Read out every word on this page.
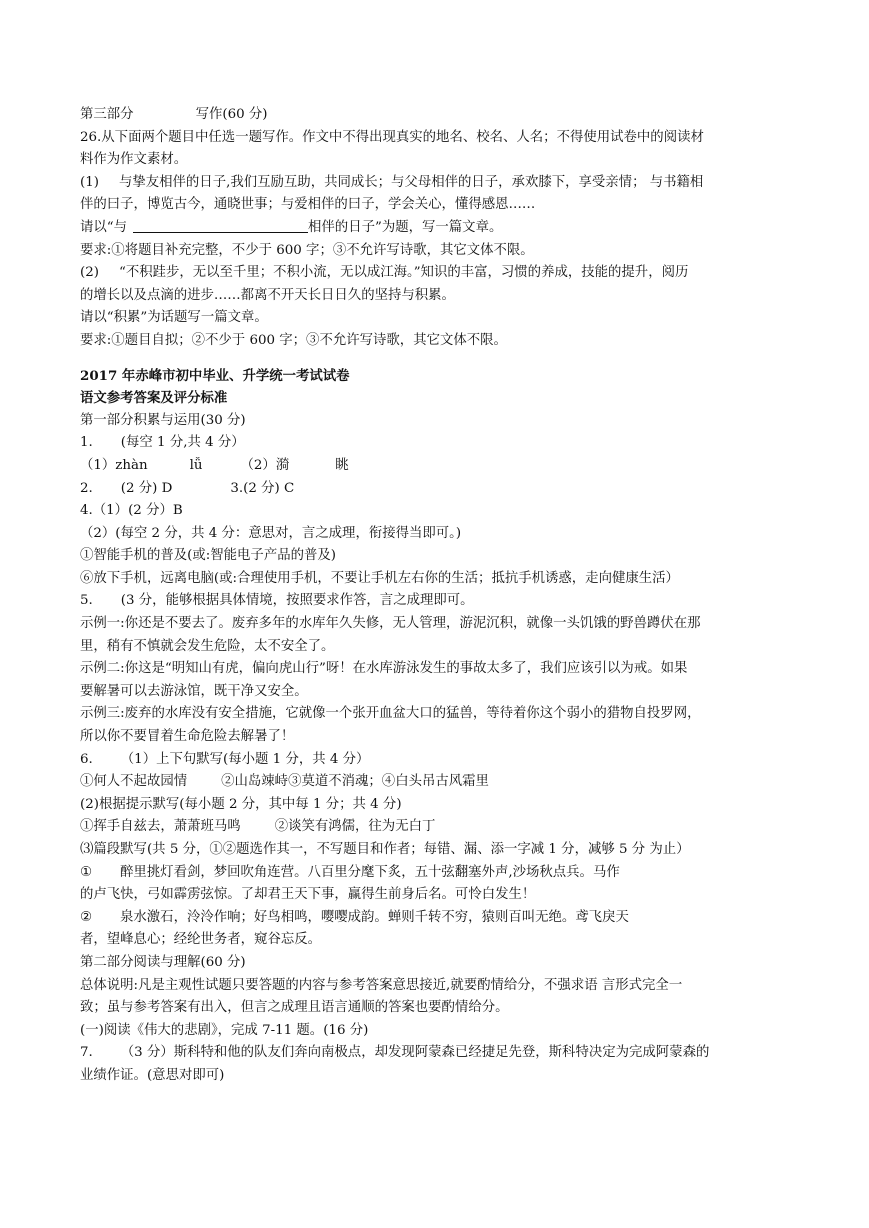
第三部分	写作(60 分)
26.从下面两个题目中任选一题写作。作文中不得出现真实的地名、校名、人名；不得使用试卷中的阅读材
料作为作文素材。
(1) 与挚友相伴的日子,我们互励互助，共同成长；与父母相伴的日子，承欢膝下，享受亲情； 与书籍相
伴的曰子，博览古今，通晓世事；与爱相伴的曰子，学会关心，懂得感恩……
请以“与	相伴的日子”为题，写一篇文章。
要求:①将题目补充完整，不少于 600 字；③不允许写诗歌，其它文体不限。
(2) “不积跬步，无以至千里；不积小流，无以成江海。”知识的丰富，习惯的养成，技能的提升，阅历
的增长以及点滴的进步……都离不开天长日日久的坚持与积累。
请以“积累”为话题写一篇文章。
要求:①题目自拟；②不少于 600 字；③不允许写诗歌，其它文体不限。
2017 年赤峰市初中毕业、升学统一考试试卷
语文参考答案及评分标准
第一部分积累与运用(30 分)
1. (每空 1 分,共 4 分）
（1）zhàn	lǚ	（2）漪	眺
2. (2 分) D	3.(2 分) C
4.（1）(2 分）B
（2）(每空 2 分，共 4 分：意思对，言之成理，衔接得当即可。)
①智能手机的普及(或:智能电子产品的普及)
⑥放下手机，远离电脑(或:合理使用手机，不要让手机左右你的生活；抵抗手机诱惑，走向健康生活）
5. (3 分，能够根据具体情境，按照要求作答，言之成理即可。
示例一:你还是不要去了。废弃多年的水库年久失修，无人管理，游泥沉积，就像一头饥饿的野兽蹲伏在那
里，稍有不慎就会发生危险，太不安全了。
示例二:你这是“明知山有虎，偏向虎山行”呀！在水库游泳发生的事故太多了，我们应该引以为戒。如果
要解暑可以去游泳馆，既干净又安全。
示例三:废弃的水库没有安全措施，它就像一个张开血盆大口的猛兽，等待着你这个弱小的猎物自投罗网，
所以你不要冒着生命危险去解暑了！
6. （1）上下句默写(每小题 1 分，共 4 分）
①何人不起故园情	②山岛竦峙③莫道不消魂；④白头吊古风霜里
(2)根据提示默写(每小题 2 分，其中每 1 分；共 4 分)
①挥手自兹去，萧萧班马鸣	②谈笑有鸿儒，往为无白丁
⑶篇段默写(共 5 分，①②题选作其一，不写题目和作者；每错、漏、添一字减 1 分，减够 5 分 为止）
① 醉里挑灯看剑，梦回吹角连营。八百里分麾下炙，五十弦翻塞外声,沙场秋点兵。马作
的卢飞快，弓如霹雳弦惊。了却君王天下事，赢得生前身后名。可怜白发生！
② 泉水激石，泠泠作响；好鸟相鸣，嘤嘤成韵。蝉则千转不穷，猿则百叫无绝。鸢飞戾天
者，望峰息心；经纶世务者，窥谷忘反。
第二部分阅读与理解(60 分)
总体说明:凡是主观性试题只要答题的内容与参考答案意思接近,就要酌情给分，不强求语 言形式完全一
致；虽与参考答案有出入，但言之成理且语言通顺的答案也要酌情给分。
(一)阅读《伟大的悲剧》，完成 7-11 题。(16 分)
7. （3 分）斯科特和他的队友们奔向南极点，却发现阿蒙森已经捷足先登，斯科特决定为完成阿蒙森的
业绩作证。(意思对即可)
